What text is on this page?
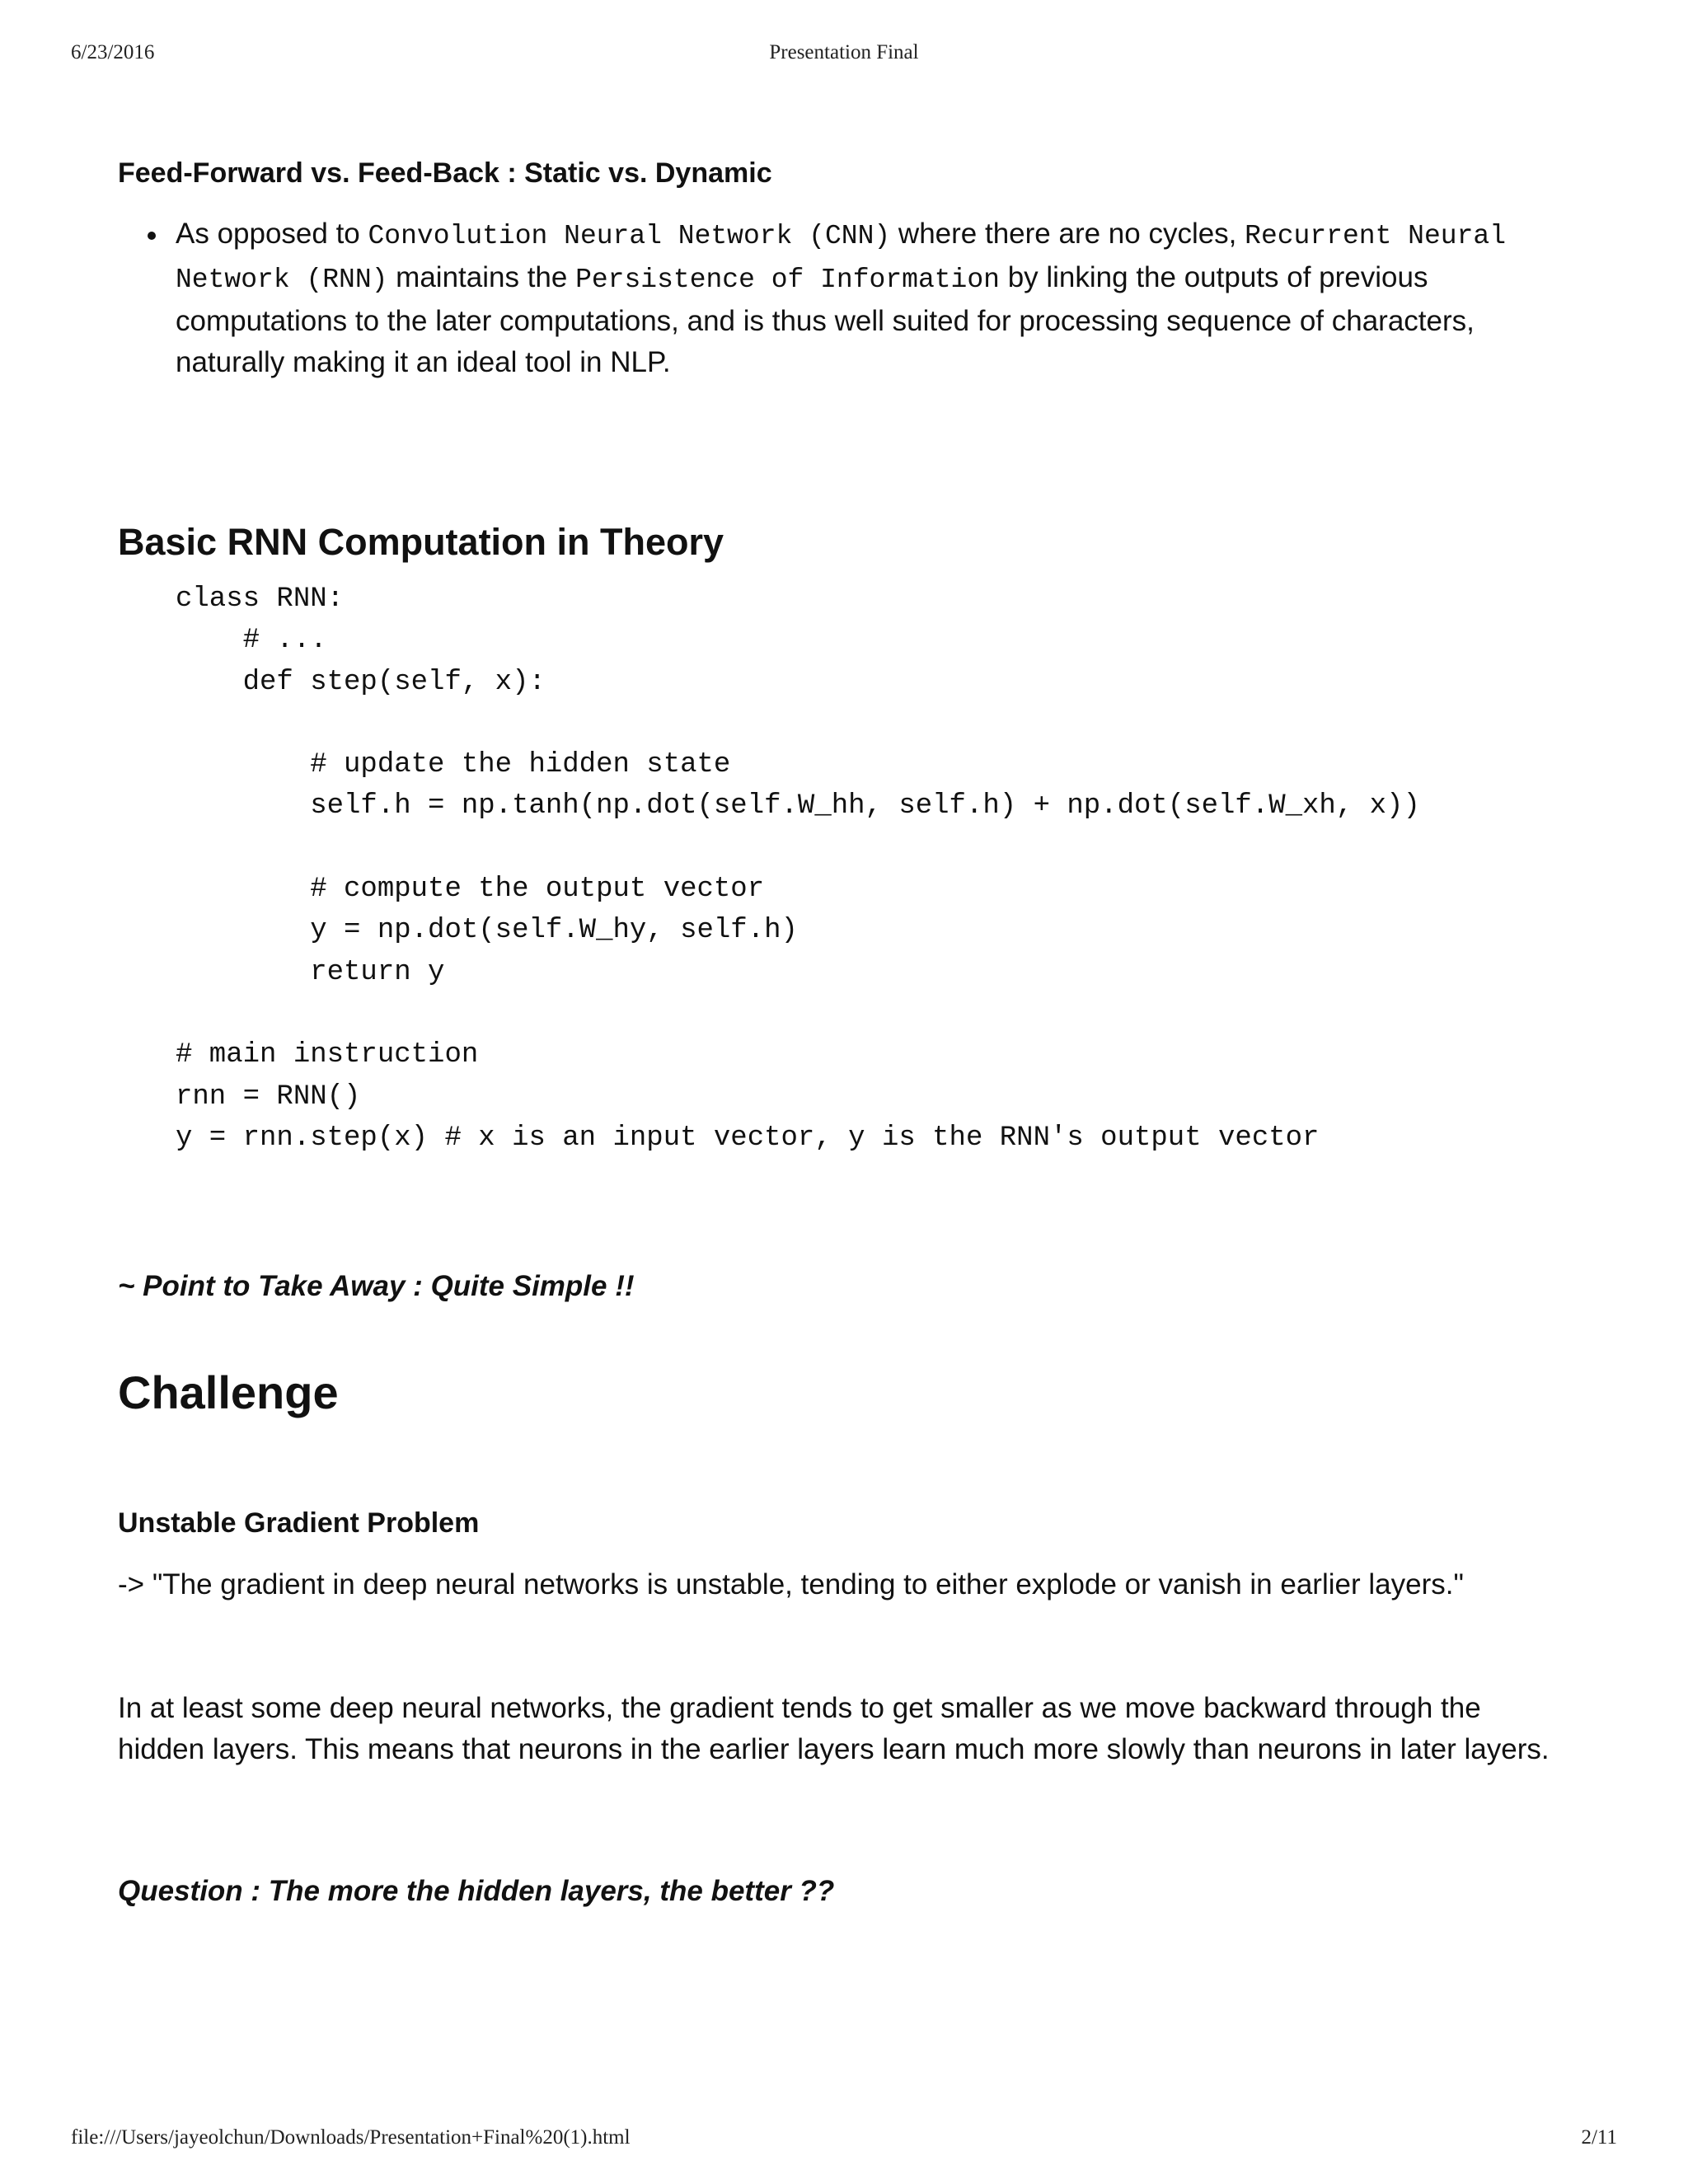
6/23/2016	Presentation Final
Feed-Forward vs. Feed-Back : Static vs. Dynamic
As opposed to Convolution Neural Network (CNN) where there are no cycles, Recurrent Neural Network (RNN) maintains the Persistence of Information by linking the outputs of previous computations to the later computations, and is thus well suited for processing sequence of characters, naturally making it an ideal tool in NLP.
Basic RNN Computation in Theory
class RNN:
# ...
def step(self, x):

# update the hidden state
self.h = np.tanh(np.dot(self.W_hh, self.h) + np.dot(self.W_xh, x))

# compute the output vector
y = np.dot(self.W_hy, self.h)
return y

# main instruction
rnn = RNN()
y = rnn.step(x) # x is an input vector, y is the RNN's output vector

~ Point to Take Away : Quite Simple !!

Challenge
Unstable Gradient Problem

-> "The gradient in deep neural networks is unstable, tending to either explode or vanish in earlier layers."

In at least some deep neural networks, the gradient tends to get smaller as we move backward through the hidden layers. This means that neurons in the earlier layers learn much more slowly than neurons in later layers.

Question : The more the hidden layers, the better ??

file:///Users/jayeolchun/Downloads/Presentation+Final%20(1).html	2/11
